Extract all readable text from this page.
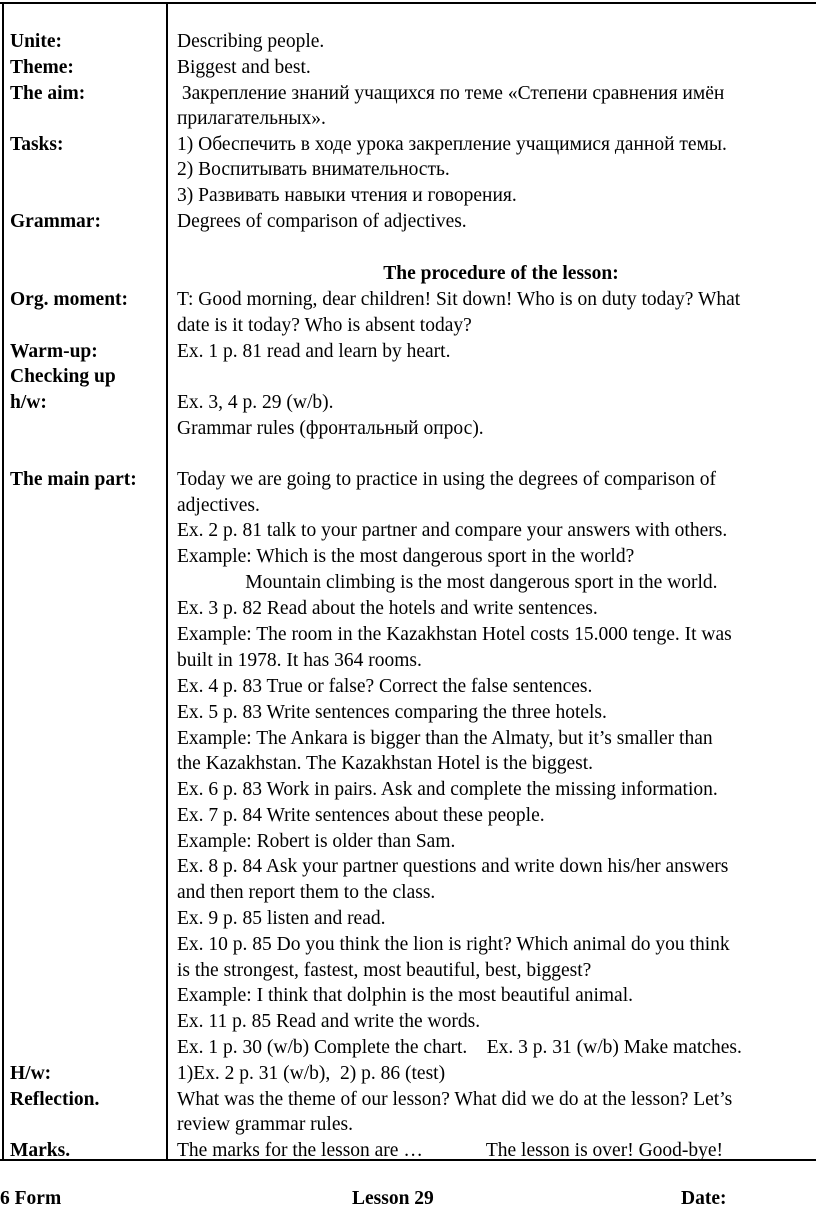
Unite:

Theme:

The aim:

Tasks:

Grammar:

Org. moment:

Warm-up:

Checking up

h/w:

The main part:

H/w:

Reflection.

Marks.

Describing people.

Biggest and best.

Закрепление знаний учащихся по теме «Степени сравнения имён

прилагательных».

1) Обеспечить в ходе урока закрепление учащимися данной темы.

2) Воспитывать внимательность.

3) Развивать навыки чтения и говорения.

Degrees of comparison of adjectives.

The procedure of the lesson:

T: Good morning, dear children! Sit down! Who is on duty today? What

date is it today? Who is absent today?

Ex. 1 p. 81 read and learn by heart.

Ex. 3, 4 p. 29 (w/b).

Grammar rules (фронтальный опрос).

Today we are going to practice in using the degrees of comparison of

adjectives.

Ex. 2 p. 81 talk to your partner and compare your answers with others.

Example: Which is the most dangerous sport in the world?

Mountain climbing is the most dangerous sport in the world.

Ex. 3 p. 82 Read about the hotels and write sentences.

Example: The room in the Kazakhstan Hotel costs 15.000 tenge. It was

built in 1978. It has 364 rooms.

Ex. 4 p. 83 True or false? Correct the false sentences.

Ex. 5 p. 83 Write sentences comparing the three hotels.

Example: The Ankara is bigger than the Almaty, but it’s smaller than

the Kazakhstan. The Kazakhstan Hotel is the biggest.

Ex. 6 p. 83 Work in pairs. Ask and complete the missing information.

Ex. 7 p. 84 Write sentences about these people.

Example: Robert is older than Sam.

Ex. 8 p. 84 Ask your partner questions and write down his/her answers

and then report them to the class.

Ex. 9 p. 85 listen and read.

Ex. 10 p. 85 Do you think the lion is right? Which animal do you think

is the strongest, fastest, most beautiful, best, biggest?

Example: I think that dolphin is the most beautiful animal.

Ex. 11 p. 85 Read and write the words.

Ex. 1 p. 30 (w/b) Complete the chart.    Ex. 3 p. 31 (w/b) Make matches.

1)Ex. 2 p. 31 (w/b),  2) p. 86 (test)

What was the theme of our lesson? What did we do at the lesson? Let’s

review grammar rules.

The marks for the lesson are …             The lesson is over! Good-bye!

6 Form	Lesson 29	Date:
